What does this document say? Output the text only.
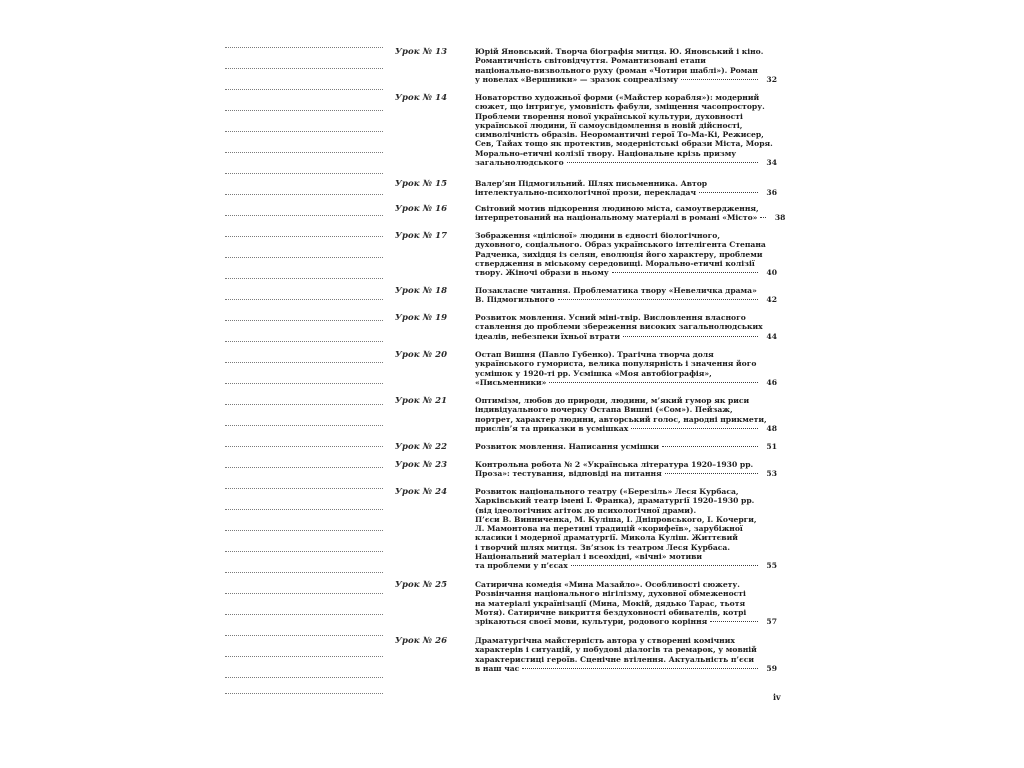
Урок № 13	Юрій Яновський. Творча біографія митця. Ю. Яновський і кіно.
Романтичність світовідчуття. Романтизовані етапи
національно-визвольного руху (роман «Чотири шаблі»). Роман
у новелах «Вершники» — зразок соцреалізму	32
Урок № 14	Новаторство художньої форми («Майстер корабля»): модерний
сюжет, що інтригує, умовність фабули, зміщення часопростору.
Проблеми творення нової української культури, духовності
української людини, її самоусвідомлення в новій дійсності,
символічність образів. Неоромантичні герої То-Ма-Кі, Режисер,
Сев, Тайах тощо як протектив, модерністські образи Міста, Моря.
Морально-етичні колізії твору. Національне крізь призму
загальнолюдського	34
Урок № 15	Валер’ян Підмогильний. Шлях письменника. Автор
інтелектуально-психологічної прози, перекладач	36
Урок № 16	Світовий мотив підкорення людиною міста, самоутвердження,
інтерпретований на національному матеріалі в романі «Місто»	38
Урок № 17	Зображення «цілісної» людини в єдності біологічного,
духовного, соціального. Образ українського інтелігента Степана
Радченка, зихідця із селян, еволюція його характеру, проблеми
ствердження в міському середовищі. Морально-етичні колізії
твору. Жіночі образи в ньому	40
Урок № 18	Позакласне читання. Проблематика твору «Невеличка драма»
В. Підмогильного	42
Урок № 19	Розвиток мовлення. Усний міні-твір. Висловлення власного
ставлення до проблеми збереження високих загальнолюдських
ідеалів, небезпеки їхньої втрати	44
Урок № 20	Остап Вишня (Павло Губенко). Трагічна творча доля
українського гумориста, велика популярність і значення його
усмішок у 1920-ті рр. Усмішка «Моя автобіографія»,
«Письменники»	46
Урок № 21	Оптимізм, любов до природи, людини, м’який гумор як риси
індивідуального почерку Остапа Вишні («Сом»). Пейзаж,
портрет, характер людини, авторський голос, народні прикмети,
прислів’я та приказки в усмішках	48
Урок № 22	Розвиток мовлення. Написання усмішки	51
Урок № 23	Контрольна робота № 2 «Українська література 1920–1930 рр.
Проза»: тестування, відповіді на питання	53
Урок № 24	Розвиток національного театру («Березіль» Леся Курбаса,
Харківський театр імені І. Франка), драматургії 1920–1930 рр.
(від ідеологічних агіток до психологічної драми).
П’єси В. Винниченка, М. Куліша, І. Дніпровського, І. Кочерги,
Л. Мамонтова на перетині традицій «корифеїв», зарубіжної
класики і модерної драматургії. Микола Куліш. Життєвий
і творчий шлях митця. Зв’язок із театром Леся Курбаса.
Національний матеріал і всеохідні, «вічні» мотиви
та проблеми у п’єсах	55
Урок № 25	Сатирична комедія «Мина Мазайло». Особливості сюжету.
Розвінчання національного нігілізму, духовної обмеженості
на матеріалі українізації (Мина, Мокій, дядько Тарас, тьотя
Мотя). Сатиричне викриття бездуховності обивателів, котрі
зрікаються своєї мови, культури, родового коріння	57
Урок № 26	Драматургічна майстерність автора у створенні комічних
характерів і ситуацій, у побудові діалогів та ремарок, у мовній
характеристиці героїв. Сценічне втілення. Актуальність п’єси
в наш час	59
iv
